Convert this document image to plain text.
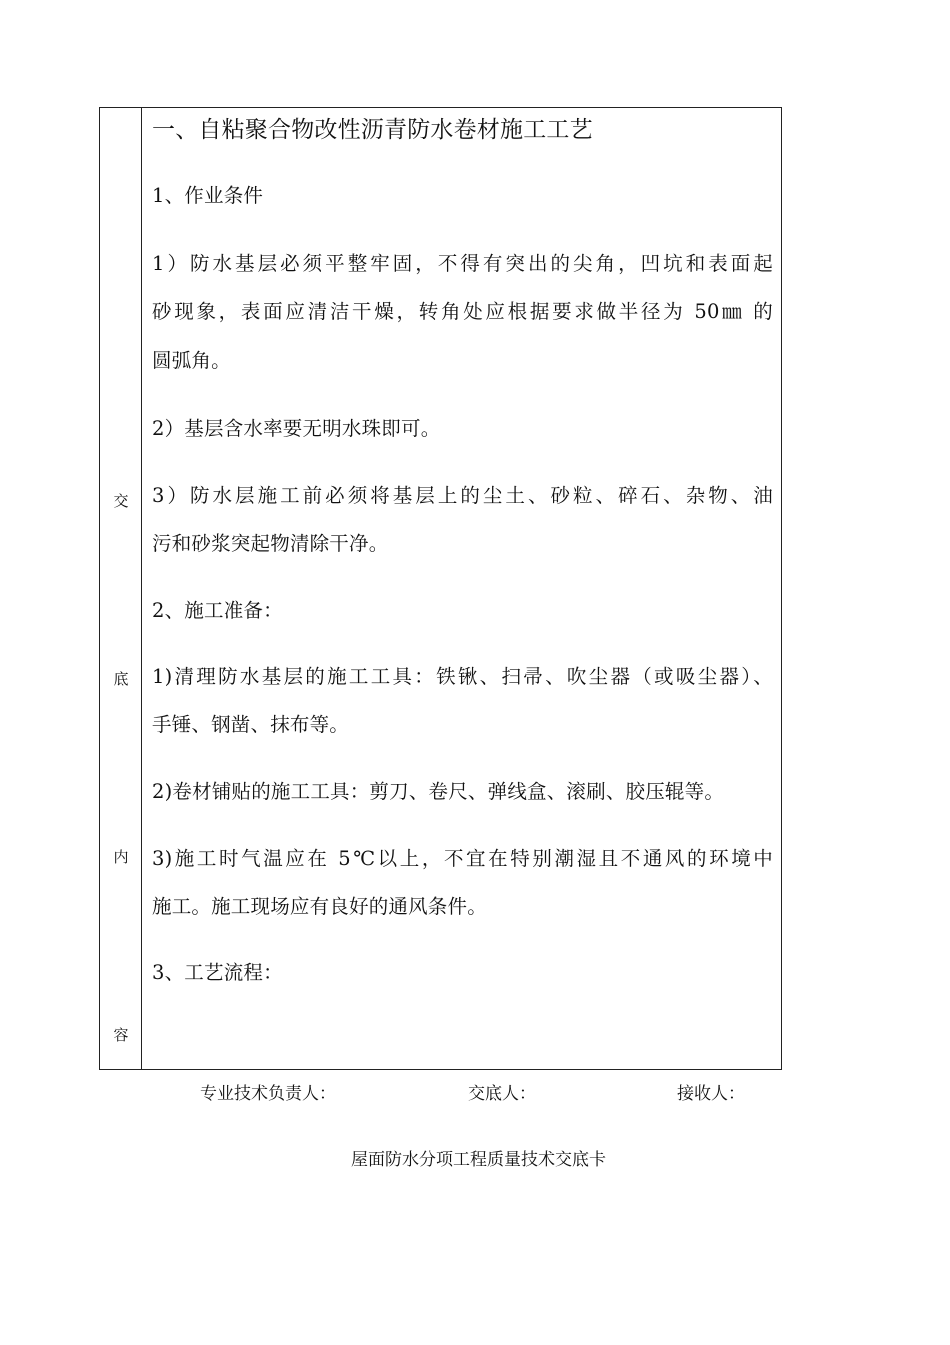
交
底
内
容
一、自粘聚合物改性沥青防水卷材施工工艺
1、作业条件
1）防水基层必须平整牢固，不得有突出的尖角，凹坑和表面起
砂现象，表面应清洁干燥，转角处应根据要求做半径为 50㎜ 的
圆弧角。
2）基层含水率要无明水珠即可。
3）防水层施工前必须将基层上的尘土、砂粒、碎石、杂物、油
污和砂浆突起物清除干净。
2、施工准备：
1)清理防水基层的施工工具：铁锹、扫帚、吹尘器（或吸尘器）、
手锤、钢凿、抹布等。
2)卷材铺贴的施工工具：剪刀、卷尺、弹线盒、滚刷、胶压辊等。
3)施工时气温应在 5℃以上，不宜在特别潮湿且不通风的环境中
施工。施工现场应有良好的通风条件。
3、工艺流程：
专业技术负责人：	交底人：	接收人：
屋面防水分项工程质量技术交底卡
